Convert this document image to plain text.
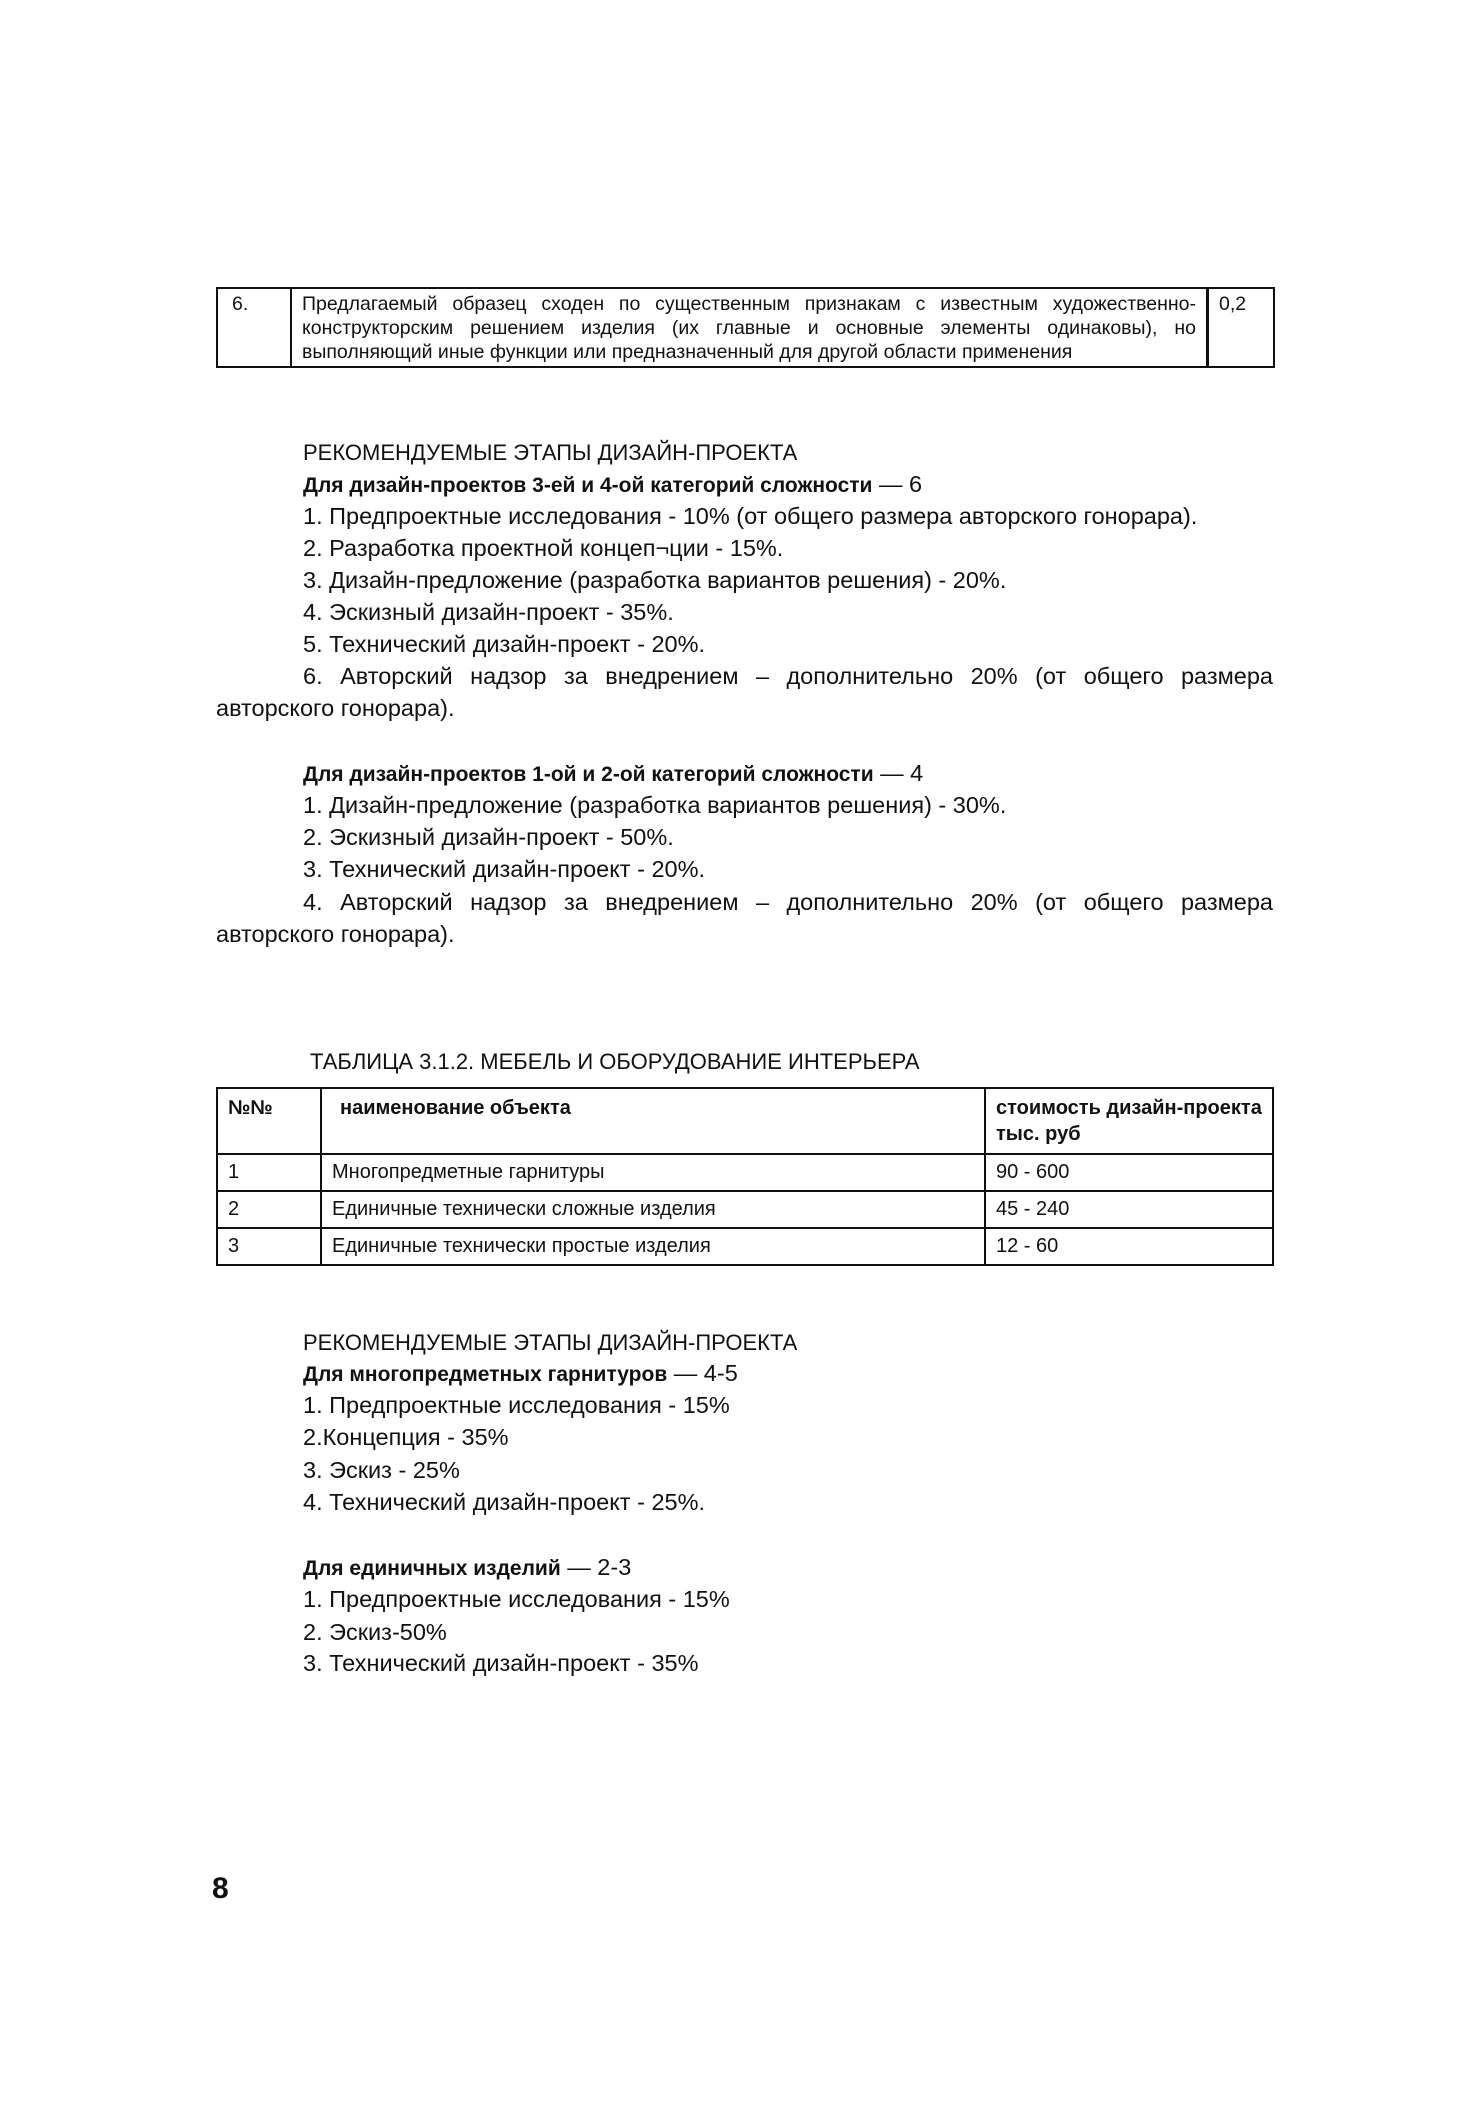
6.	Предлагаемый образец сходен по существенным признакам с известным художественно-конструкторским решением изделия (их главные и основные элементы одинаковы), но выполняющий иные функции или предназначенный для другой области применения	0,2
РЕКОМЕНДУЕМЫЕ ЭТАПЫ ДИЗАЙН-ПРОЕКТА
Для дизайн-проектов 3-ей и 4-ой категорий сложности — 6
1. Предпроектные исследования - 10% (от общего размера авторского гонорара).
2. Разработка проектной концеп¬ции - 15%.
3. Дизайн-предложение (разработка вариантов решения) - 20%.
4. Эскизный дизайн-проект - 35%.
5. Технический дизайн-проект - 20%.
6. Авторский надзор за внедрением – дополнительно 20% (от общего размера авторского гонорара).
Для дизайн-проектов 1-ой и 2-ой категорий сложности — 4
1. Дизайн-предложение (разработка вариантов решения) - 30%.
2. Эскизный дизайн-проект - 50%.
3. Технический дизайн-проект - 20%.
4. Авторский надзор за внедрением – дополнительно 20% (от общего размера авторского гонорара).
ТАБЛИЦА 3.1.2. МЕБЕЛЬ И ОБОРУДОВАНИЕ ИНТЕРЬЕРА
№№	наименование объекта	стоимость дизайн-проекта тыс. руб
1	Многопредметные гарнитуры	90 - 600
2	Единичные технически сложные изделия	45 - 240
3	Единичные технически простые изделия	12 - 60
РЕКОМЕНДУЕМЫЕ ЭТАПЫ ДИЗАЙН-ПРОЕКТА
Для многопредметных гарнитуров — 4-5
1. Предпроектные исследования - 15%
2.Концепция - 35%
3. Эскиз - 25%
4. Технический дизайн-проект - 25%.
Для единичных изделий — 2-3
1. Предпроектные исследования - 15%
2. Эскиз-50%
3. Технический дизайн-проект - 35%
8
